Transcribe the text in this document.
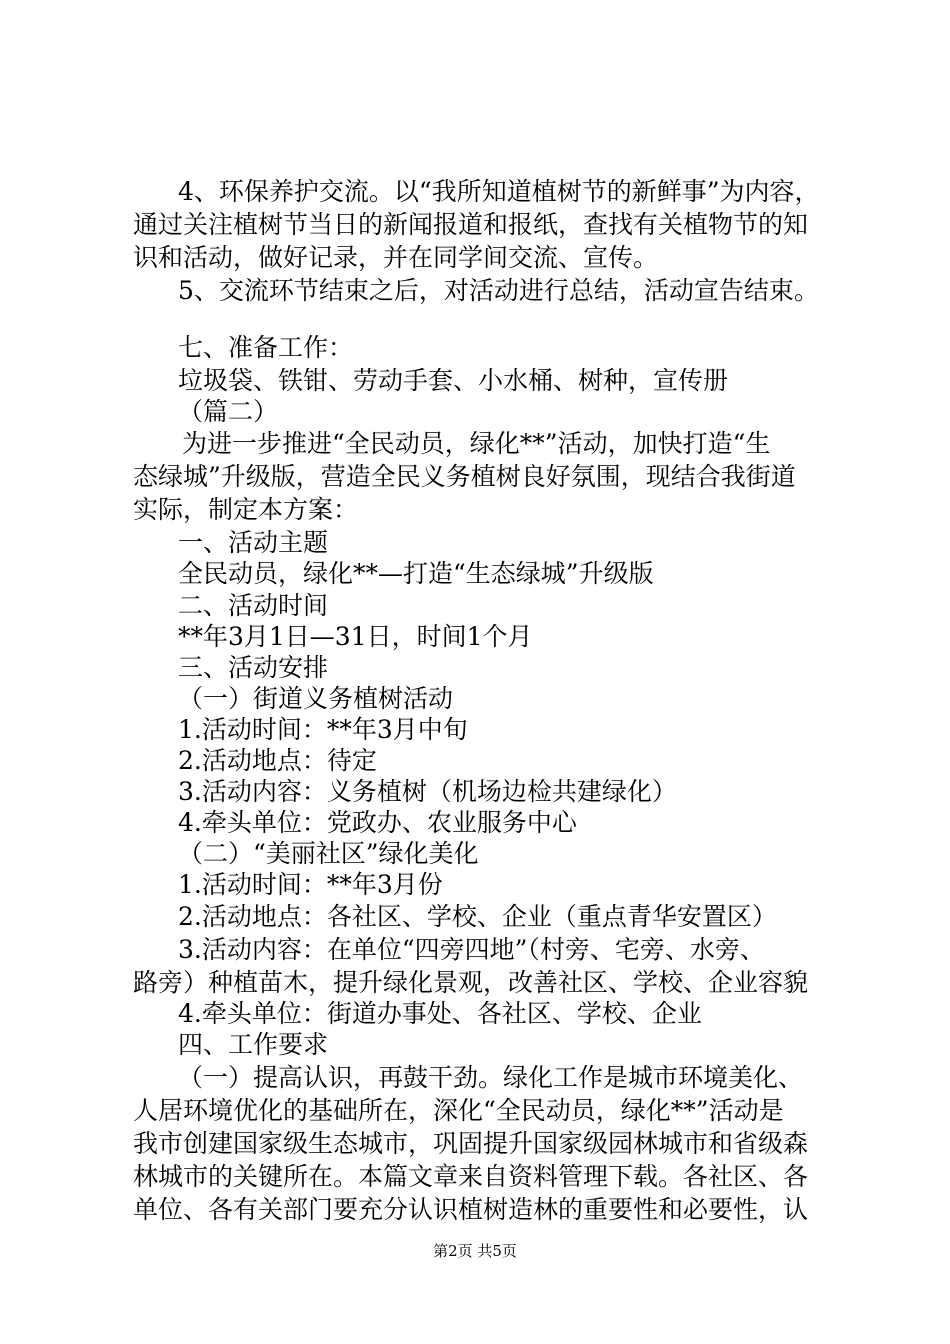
4、环保养护交流。以“我所知道植树节的新鲜事”为内容，
通过关注植树节当日的新闻报道和报纸，查找有关植物节的知
识和活动，做好记录，并在同学间交流、宣传。
5、交流环节结束之后，对活动进行总结，活动宣告结束。
七、准备工作：
垃圾袋、铁钳、劳动手套、小水桶、树种，宣传册
（篇二）
为进一步推进“全民动员，绿化**”活动，加快打造“生
态绿城”升级版，营造全民义务植树良好氛围，现结合我街道
实际，制定本方案：
一、活动主题
全民动员，绿化**—打造“生态绿城”升级版
二、活动时间
**年3月1日—31日，时间1个月
三、活动安排
（一）街道义务植树活动
1.活动时间：**年3月中旬
2.活动地点：待定
3.活动内容：义务植树（机场边检共建绿化）
4.牵头单位：党政办、农业服务中心
（二）“美丽社区”绿化美化
1.活动时间：**年3月份
2.活动地点：各社区、学校、企业（重点青华安置区）
3.活动内容：在单位“四旁四地”（村旁、宅旁、水旁、
路旁）种植苗木，提升绿化景观，改善社区、学校、企业容貌
4.牵头单位：街道办事处、各社区、学校、企业
四、工作要求
（一）提高认识，再鼓干劲。绿化工作是城市环境美化、
人居环境优化的基础所在，深化“全民动员，绿化**”活动是
我市创建国家级生态城市，巩固提升国家级园林城市和省级森
林城市的关键所在。本篇文章来自资料管理下载。各社区、各
单位、各有关部门要充分认识植树造林的重要性和必要性，认
第2页 共5页
